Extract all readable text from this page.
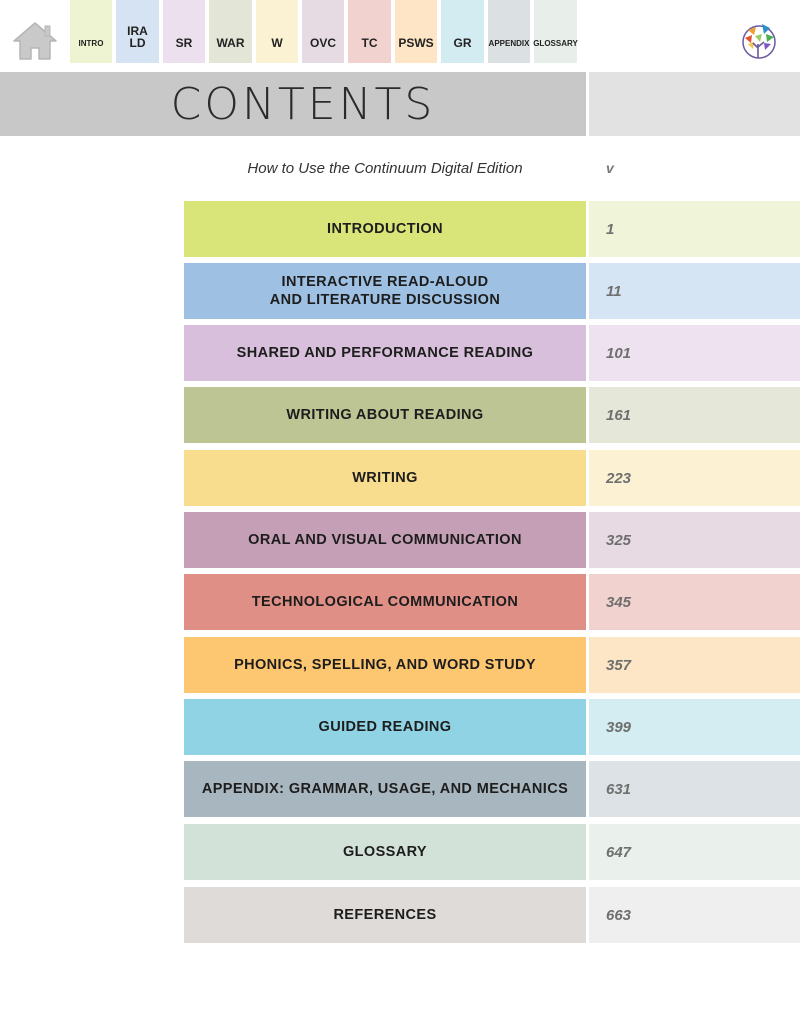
INTRO
IRA
LD	SR	WAR	W	OVC	TC	PSWS	GR	APPENDIX GLOSSARY
CONTENTS
How to Use the Continuum Digital Edition	v
INTRODUCTION	1
INTERACTIVE READ-ALOUD
AND LITERATURE DISCUSSION
11
SHARED AND PERFORMANCE READING	101
WRITING ABOUT READING	161
WRITING	223
ORAL AND VISUAL COMMUNICATION	325
TECHNOLOGICAL COMMUNICATION	345
PHONICS, SPELLING, AND WORD STUDY	357
GUIDED READING	399
APPENDIX: GRAMMAR, USAGE, AND MECHANICS	631
GLOSSARY	647
REFERENCES	663
